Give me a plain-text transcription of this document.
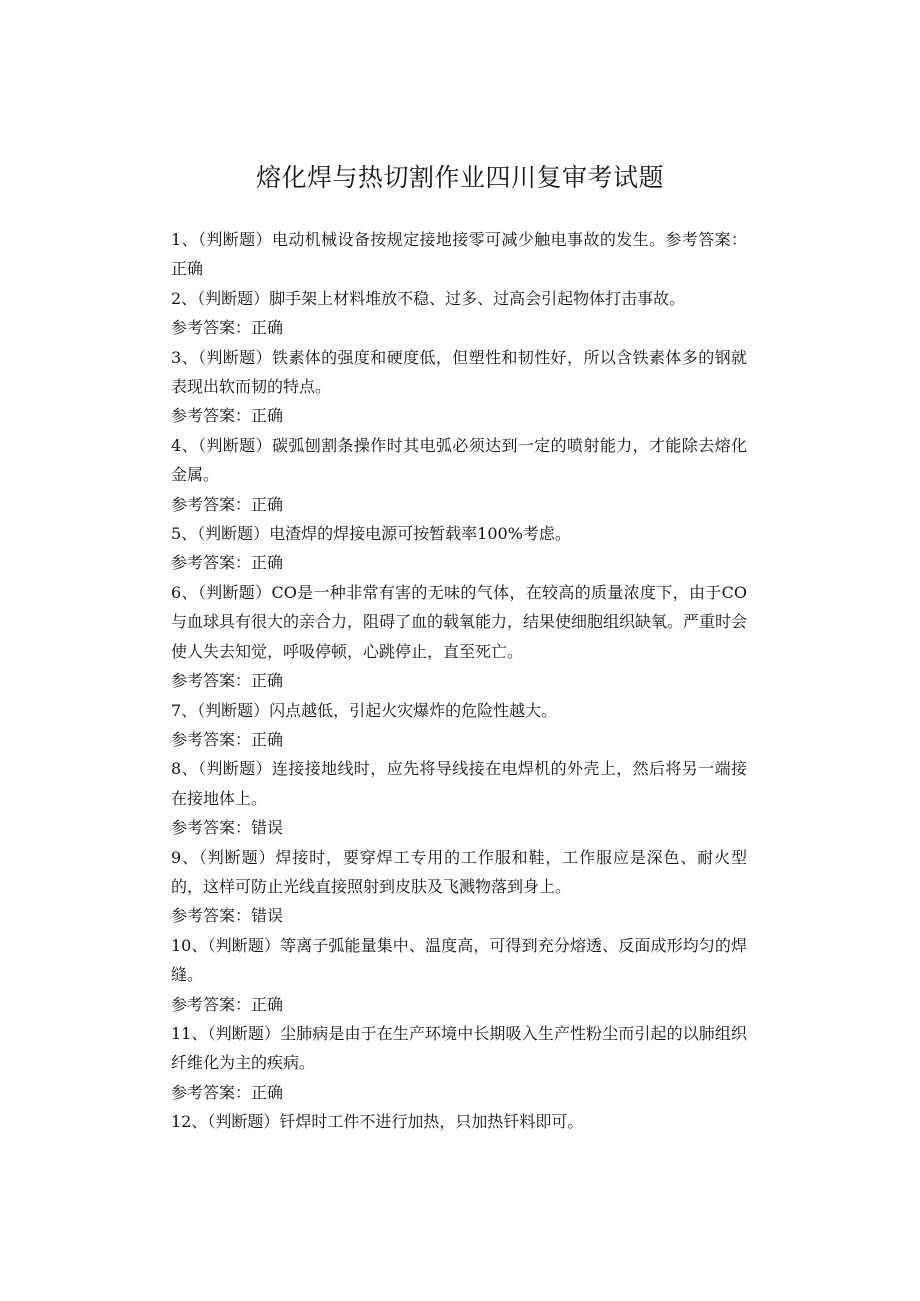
熔化焊与热切割作业四川复审考试题

1、（判断题）电动机械设备按规定接地接零可减少触电事故的发生。参考答案：正确

2、（判断题）脚手架上材料堆放不稳、过多、过高会引起物体打击事故。

参考答案：正确

3、（判断题）铁素体的强度和硬度低，但塑性和韧性好，所以含铁素体多的钢就表现出软而韧的特点。

参考答案：正确

4、（判断题）碳弧刨割条操作时其电弧必须达到一定的喷射能力，才能除去熔化金属。

参考答案：正确

5、（判断题）电渣焊的焊接电源可按暂载率100%考虑。

参考答案：正确

6、（判断题）CO是一种非常有害的无味的气体，在较高的质量浓度下，由于CO与血球具有很大的亲合力，阻碍了血的载氧能力，结果使细胞组织缺氧。严重时会使人失去知觉，呼吸停顿，心跳停止，直至死亡。

参考答案：正确

7、（判断题）闪点越低，引起火灾爆炸的危险性越大。

参考答案：正确

8、（判断题）连接接地线时，应先将导线接在电焊机的外壳上，然后将另一端接在接地体上。

参考答案：错误

9、（判断题）焊接时，要穿焊工专用的工作服和鞋，工作服应是深色、耐火型的，这样可防止光线直接照射到皮肤及飞溅物落到身上。

参考答案：错误

10、（判断题）等离子弧能量集中、温度高，可得到充分熔透、反面成形均匀的焊缝。

参考答案：正确

11、（判断题）尘肺病是由于在生产环境中长期吸入生产性粉尘而引起的以肺组织纤维化为主的疾病。

参考答案：正确

12、（判断题）钎焊时工件不进行加热，只加热钎料即可。
